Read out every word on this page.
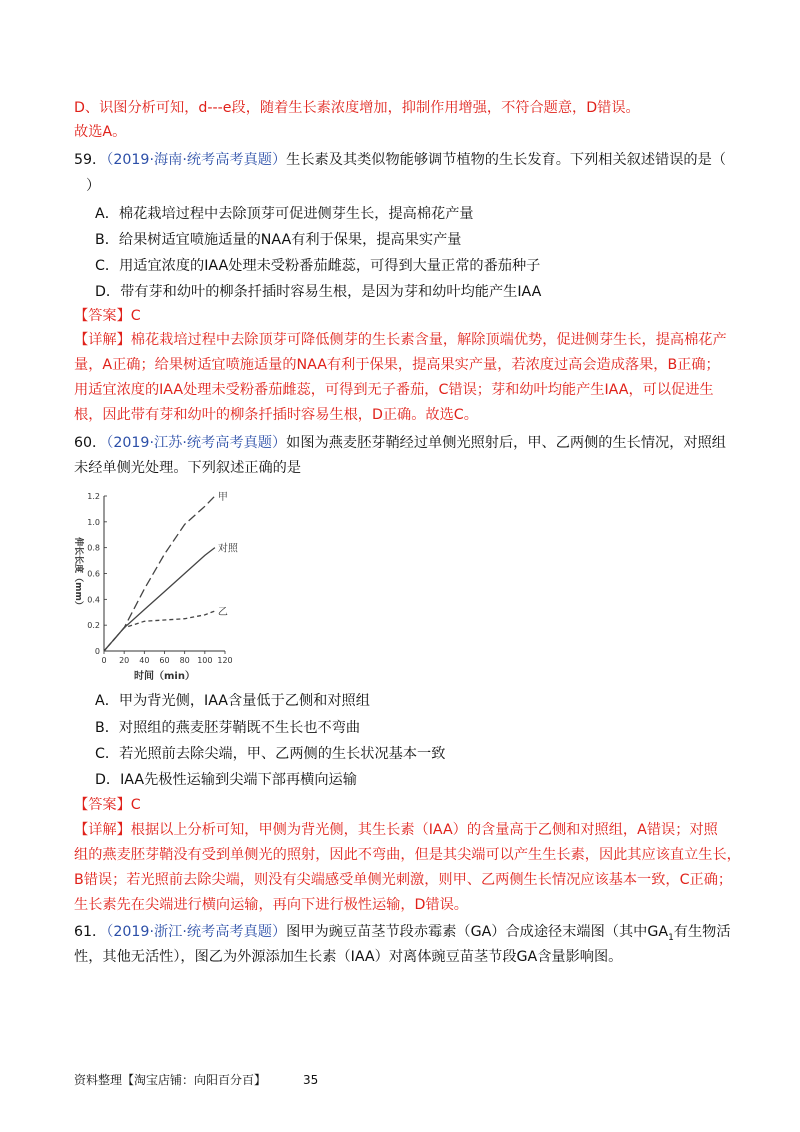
D、识图分析可知，d---e段，随着生长素浓度增加，抑制作用增强，不符合题意，D错误。
故选A。
59．（2019·海南·统考高考真题）生长素及其类似物能够调节植物的生长发育。下列相关叙述错误的是（
）
A．棉花栽培过程中去除顶芽可促进侧芽生长，提高棉花产量
B．给果树适宜喷施适量的NAA有利于保果，提高果实产量
C．用适宜浓度的IAA处理未受粉番茄雌蕊，可得到大量正常的番茄种子
D．带有芽和幼叶的柳条扦插时容易生根，是因为芽和幼叶均能产生IAA
【答案】C
【详解】棉花栽培过程中去除顶芽可降低侧芽的生长素含量，解除顶端优势，促进侧芽生长，提高棉花产
量，A正确；给果树适宜喷施适量的NAA有利于保果，提高果实产量，若浓度过高会造成落果，B正确；
用适宜浓度的IAA处理未受粉番茄雌蕊，可得到无子番茄，C错误；芽和幼叶均能产生IAA，可以促进生
根，因此带有芽和幼叶的柳条扦插时容易生根，D正确。故选C。
60．（2019·江苏·统考高考真题）如图为燕麦胚芽鞘经过单侧光照射后，甲、乙两侧的生长情况，对照组
未经单侧光处理。下列叙述正确的是
0 20 40 60 80 100 120
0
0.2
0.4
0.6
0.8
1.0
1.2	甲
对照
乙
时间（min）
伸长长度（mm）
A．甲为背光侧，IAA含量低于乙侧和对照组
B．对照组的燕麦胚芽鞘既不生长也不弯曲
C．若光照前去除尖端，甲、乙两侧的生长状况基本一致
D．IAA先极性运输到尖端下部再横向运输
【答案】C
【详解】根据以上分析可知，甲侧为背光侧，其生长素（IAA）的含量高于乙侧和对照组，A错误；对照
组的燕麦胚芽鞘没有受到单侧光的照射，因此不弯曲，但是其尖端可以产生生长素，因此其应该直立生长，
B错误；若光照前去除尖端，则没有尖端感受单侧光刺激，则甲、乙两侧生长情况应该基本一致，C正确；
生长素先在尖端进行横向运输，再向下进行极性运输，D错误。
61．（2019·浙江·统考高考真题）图甲为豌豆苗茎节段赤霉素（GA）合成途径末端图（其中$GA_1$有生物活
性，其他无活性），图乙为外源添加生长素（IAA）对离体豌豆苗茎节段GA含量影响图。
资料整理【淘宝店铺：向阳百分百】	35
